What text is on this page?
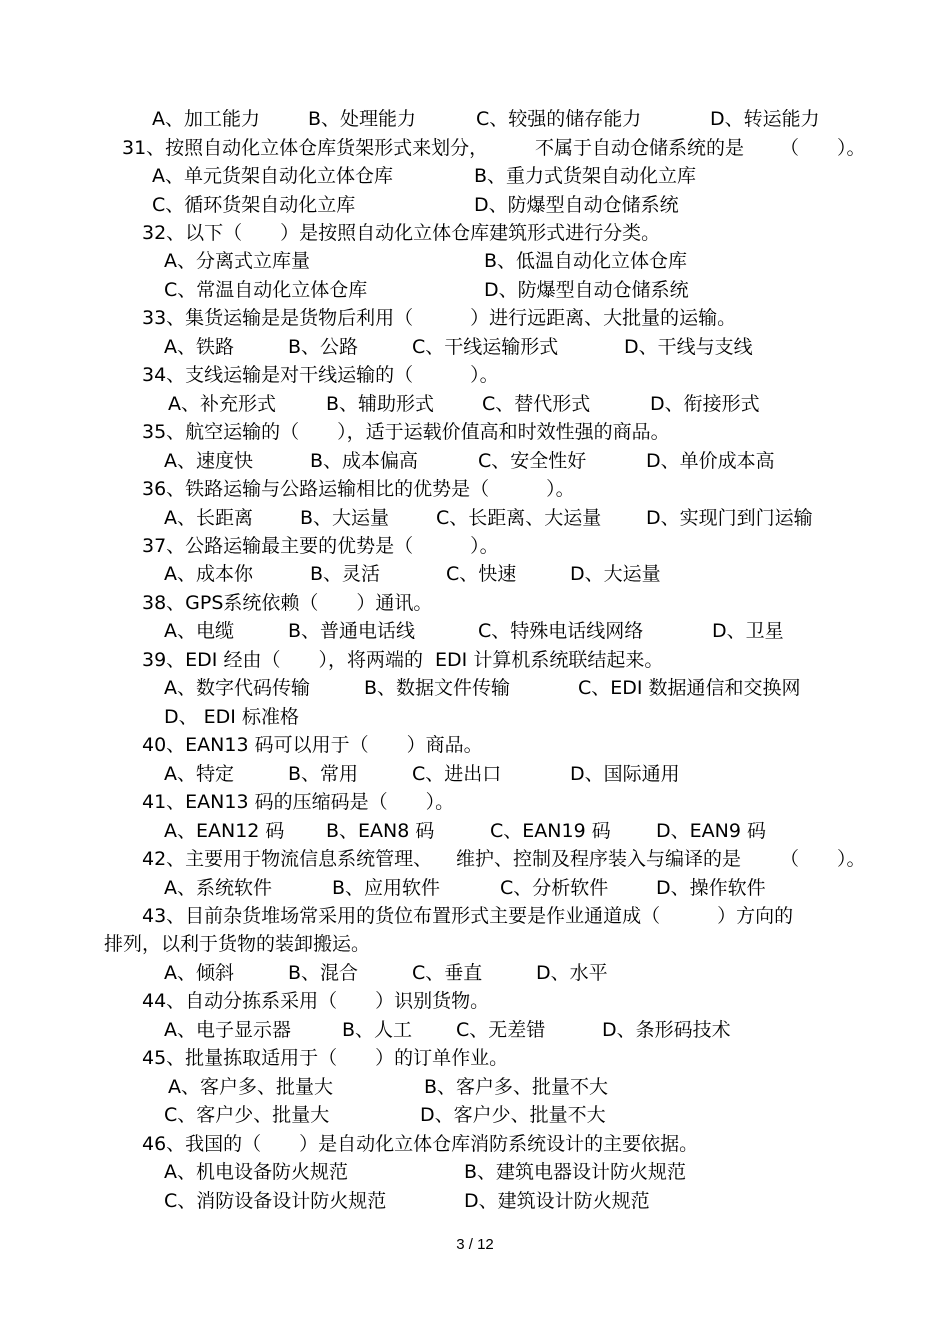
A、加工能力	B、处理能力	C、较强的储存能力	D、转运能力
31、按照自动化立体仓库货架形式来划分， 不属于自动仓储系统的是 （　　）。
A、单元货架自动化立体仓库	B、重力式货架自动化立库
C、循环货架自动化立库	D、防爆型自动仓储系统
32、以下（　　）是按照自动化立体仓库建筑形式进行分类。
A、分离式立库量	B、低温自动化立体仓库
C、常温自动化立体仓库	D、防爆型自动仓储系统
33、集货运输是是货物后利用（　　　）进行远距离、大批量的运输。
A、铁路	B、公路	C、干线运输形式	D、干线与支线
34、支线运输是对干线运输的（　　　）。
A、补充形式	B、辅助形式	C、替代形式	D、衔接形式
35、航空运输的（　　），适于运载价值高和时效性强的商品。
A、速度快	B、成本偏高	C、安全性好	D、单价成本高
36、铁路运输与公路运输相比的优势是（　　　）。
A、长距离 B、大运量 C、长距离、大运量 D、实现门到门运输
37、公路运输最主要的优势是（　　　）。
A、成本你	B、灵活	C、快速	D、大运量
38、GPS系统依赖（　　）通讯。
A、电缆	B、普通电话线	C、特殊电话线网络	D、卫星
39、EDI 经由（　　），将两端的  EDI 计算机系统联结起来。
A、数字代码传输	B、数据文件传输	C、EDI 数据通信和交换网
D、 EDI 标准格
40、EAN13 码可以用于（　　）商品。
A、特定	B、常用	C、进出口	D、国际通用
41、EAN13 码的压缩码是（　　）。
A、EAN12 码 B、EAN8 码	C、EAN19 码 D、EAN9 码
42、主要用于物流信息系统管理、 维护、控制及程序装入与编译的是 （　　）。
A、系统软件	B、应用软件	C、分析软件	D、操作软件
43、目前杂货堆场常采用的货位布置形式主要是作业通道成（　　　）方向的
排列，以利于货物的装卸搬运。
A、倾斜	B、混合	C、垂直	D、水平
44、自动分拣系采用（　　）识别货物。
A、电子显示器	B、人工 C、无差错	D、条形码技术
45、批量拣取适用于（　　）的订单作业。
A、客户多、批量大	B、客户多、批量不大
C、客户少、批量大	D、客户少、批量不大
46、我国的（　　）是自动化立体仓库消防系统设计的主要依据。
A、机电设备防火规范	B、建筑电器设计防火规范
C、消防设备设计防火规范	D、建筑设计防火规范
3 / 12
